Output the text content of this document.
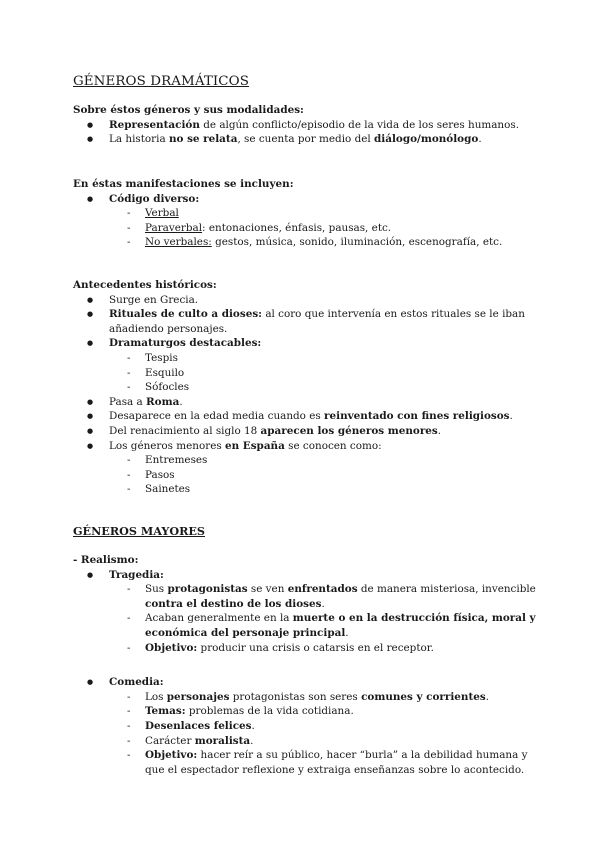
GÉNEROS DRAMÁTICOS
Sobre éstos géneros y sus modalidades:
● Representación de algún conflicto/episodio de la vida de los seres humanos.
● La historia no se relata, se cuenta por medio del diálogo/monólogo.
En éstas manifestaciones se incluyen:
● Código diverso:
- Verbal
- Paraverbal: entonaciones, énfasis, pausas, etc.
- No verbales: gestos, música, sonido, iluminación, escenografía, etc.
Antecedentes históricos:
● Surge en Grecia.
● Rituales de culto a dioses: al coro que intervenía en estos rituales se le iban añadiendo personajes.
● Dramaturgos destacables:
- Tespis
- Esquilo
- Sófocles
● Pasa a Roma.
● Desaparece en la edad media cuando es reinventado con fines religiosos.
● Del renacimiento al siglo 18 aparecen los géneros menores.
● Los géneros menores en España se conocen como:
- Entremeses
- Pasos
- Sainetes
GÉNEROS MAYORES
- Realismo:
● Tragedia:
- Sus protagonistas se ven enfrentados de manera misteriosa, invencible contra el destino de los dioses.
- Acaban generalmente en la muerte o en la destrucción física, moral y económica del personaje principal.
- Objetivo: producir una crisis o catarsis en el receptor.
● Comedia:
- Los personajes protagonistas son seres comunes y corrientes.
- Temas: problemas de la vida cotidiana.
- Desenlaces felices.
- Carácter moralista.
- Objetivo: hacer reír a su público, hacer “burla” a la debilidad humana y que el espectador reflexione y extraiga enseñanzas sobre lo acontecido.
